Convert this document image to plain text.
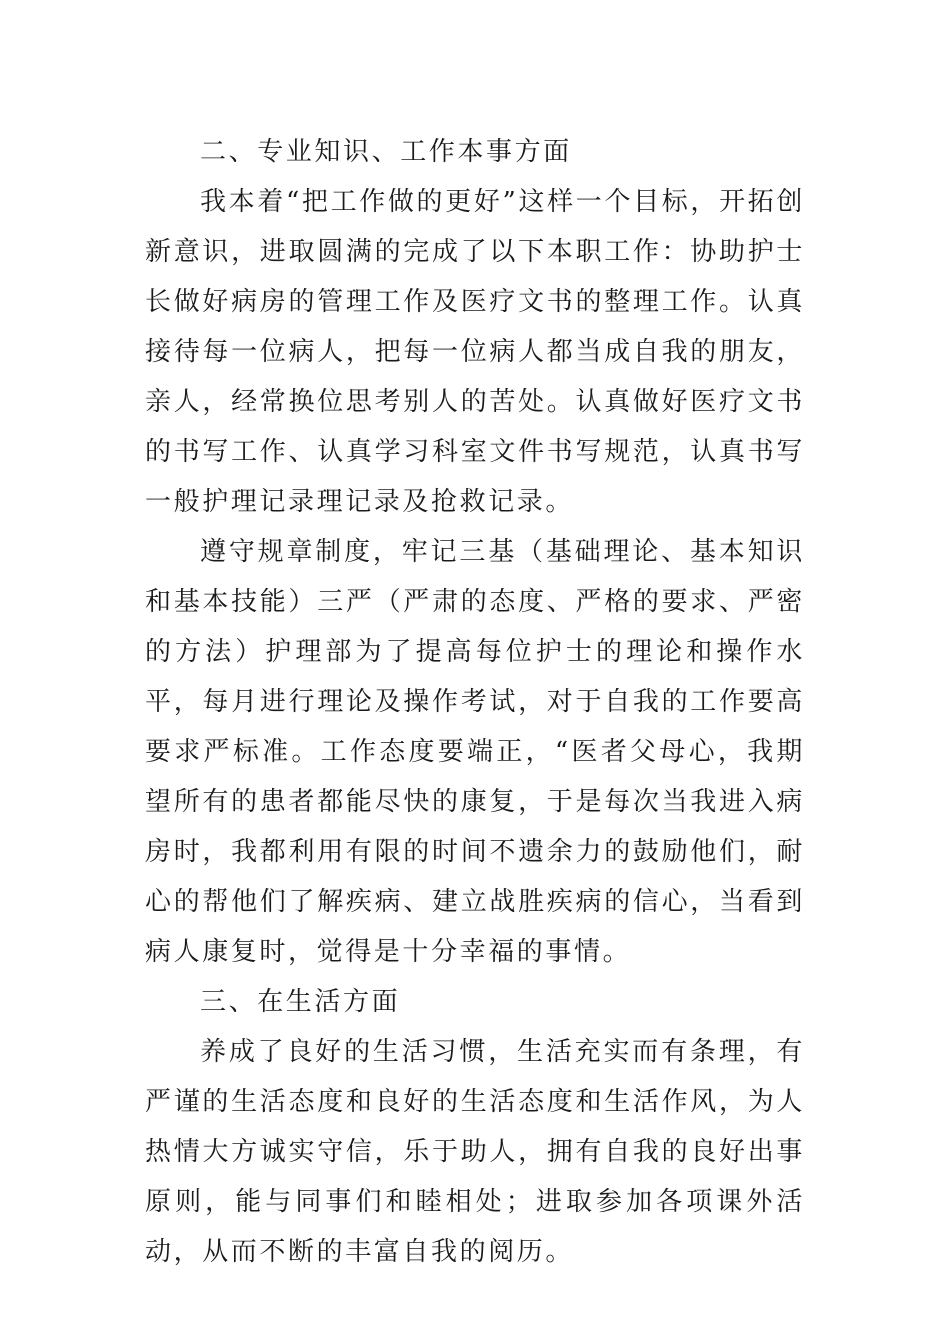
二、专业知识、工作本事方面

我本着“把工作做的更好”这样一个目标，开拓创新意识，进取圆满的完成了以下本职工作：协助护士长做好病房的管理工作及医疗文书的整理工作。认真接待每一位病人，把每一位病人都当成自我的朋友，亲人，经常换位思考别人的苦处。认真做好医疗文书的书写工作、认真学习科室文件书写规范，认真书写一般护理记录理记录及抢救记录。

遵守规章制度，牢记三基（基础理论、基本知识和基本技能）三严（严肃的态度、严格的要求、严密的方法）护理部为了提高每位护士的理论和操作水平，每月进行理论及操作考试，对于自我的工作要高要求严标准。工作态度要端正，“医者父母心，我期望所有的患者都能尽快的康复，于是每次当我进入病房时，我都利用有限的时间不遗余力的鼓励他们，耐心的帮他们了解疾病、建立战胜疾病的信心，当看到病人康复时，觉得是十分幸福的事情。

三、在生活方面

养成了良好的生活习惯，生活充实而有条理，有严谨的生活态度和良好的生活态度和生活作风，为人热情大方诚实守信，乐于助人，拥有自我的良好出事原则，能与同事们和睦相处；进取参加各项课外活动，从而不断的丰富自我的阅历。
